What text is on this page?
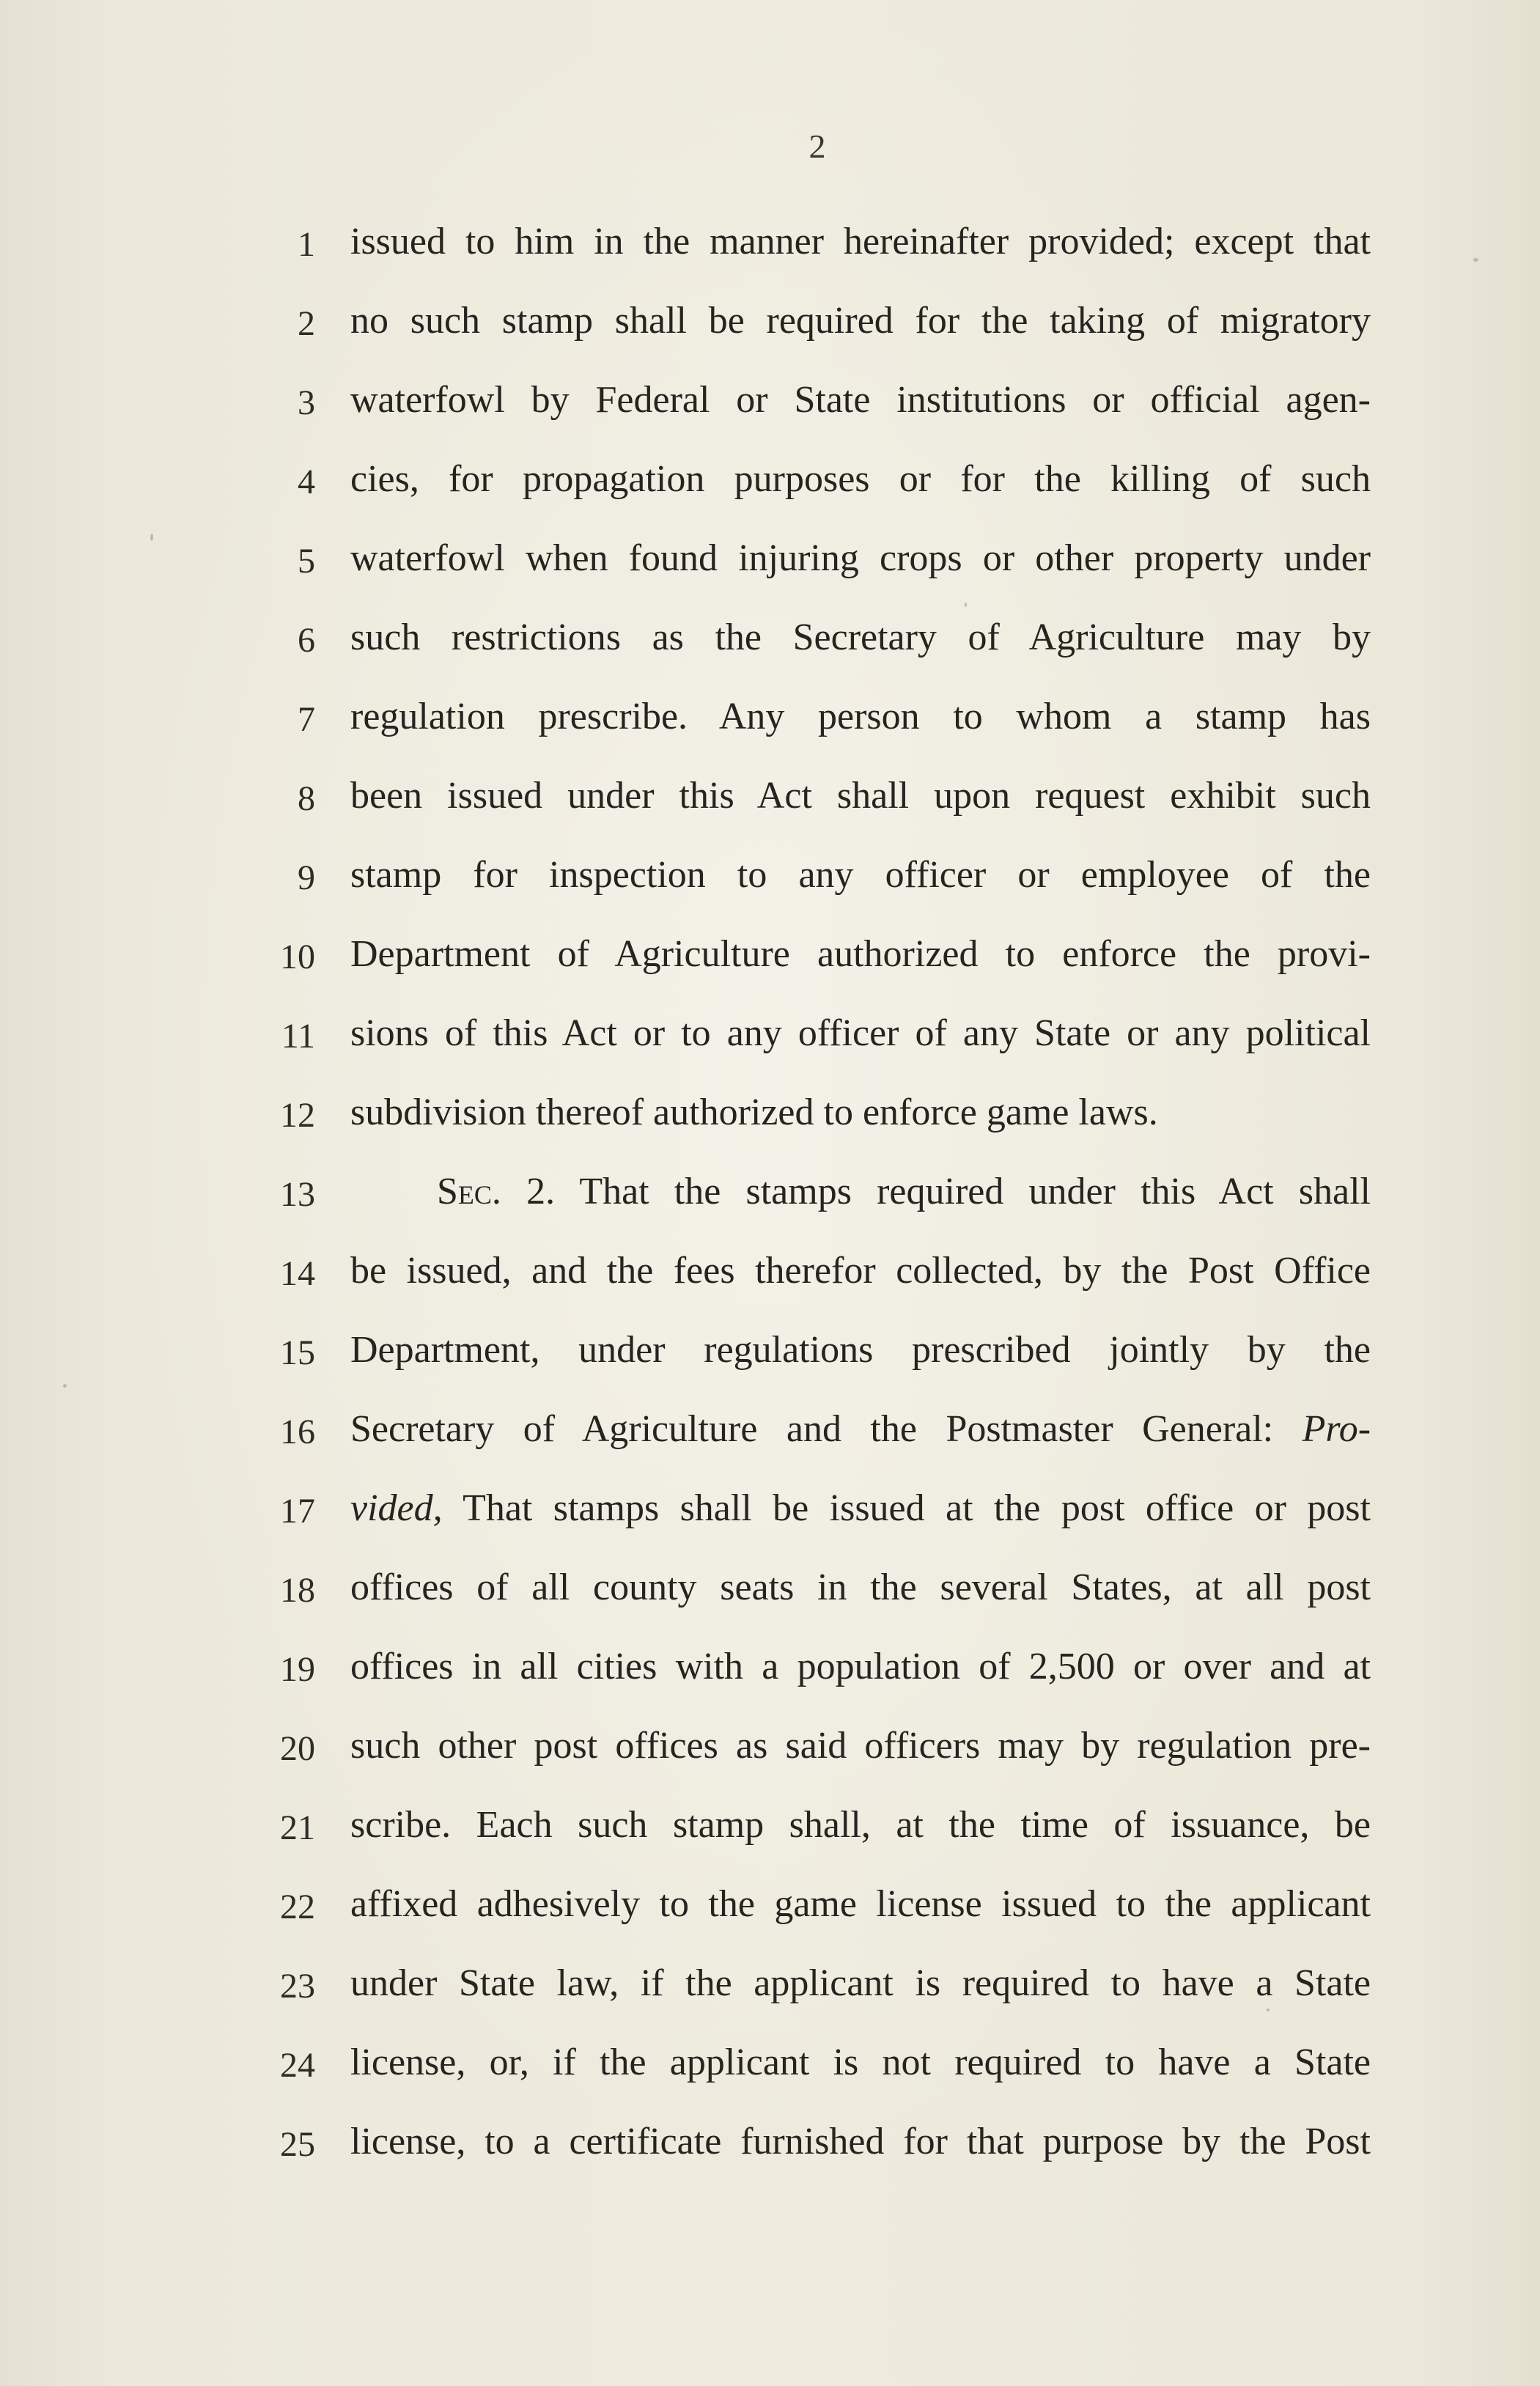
2
1 issued to him in the manner hereinafter provided; except that
2 no such stamp shall be required for the taking of migratory
3 waterfowl by Federal or State institutions or official agen-
4 cies, for propagation purposes or for the killing of such
5 waterfowl when found injuring crops or other property under
6 such restrictions as the Secretary of Agriculture may by
7 regulation prescribe. Any person to whom a stamp has
8 been issued under this Act shall upon request exhibit such
9 stamp for inspection to any officer or employee of the
10 Department of Agriculture authorized to enforce the provi-
11 sions of this Act or to any officer of any State or any political
12 subdivision thereof authorized to enforce game laws.
13	Sec. 2. That the stamps required under this Act shall
14 be issued, and the fees therefor collected, by the Post Office
15 Department, under regulations prescribed jointly by the
16 Secretary of Agriculture and the Postmaster General: Pro-
17 vided, That stamps shall be issued at the post office or post
18 offices of all county seats in the several States, at all post
19 offices in all cities with a population of 2,500 or over and at
20 such other post offices as said officers may by regulation pre-
21 scribe. Each such stamp shall, at the time of issuance, be
22 affixed adhesively to the game license issued to the applicant
23 under State law, if the applicant is required to have a State
24 license, or, if the applicant is not required to have a State
25 license, to a certificate furnished for that purpose by the Post
